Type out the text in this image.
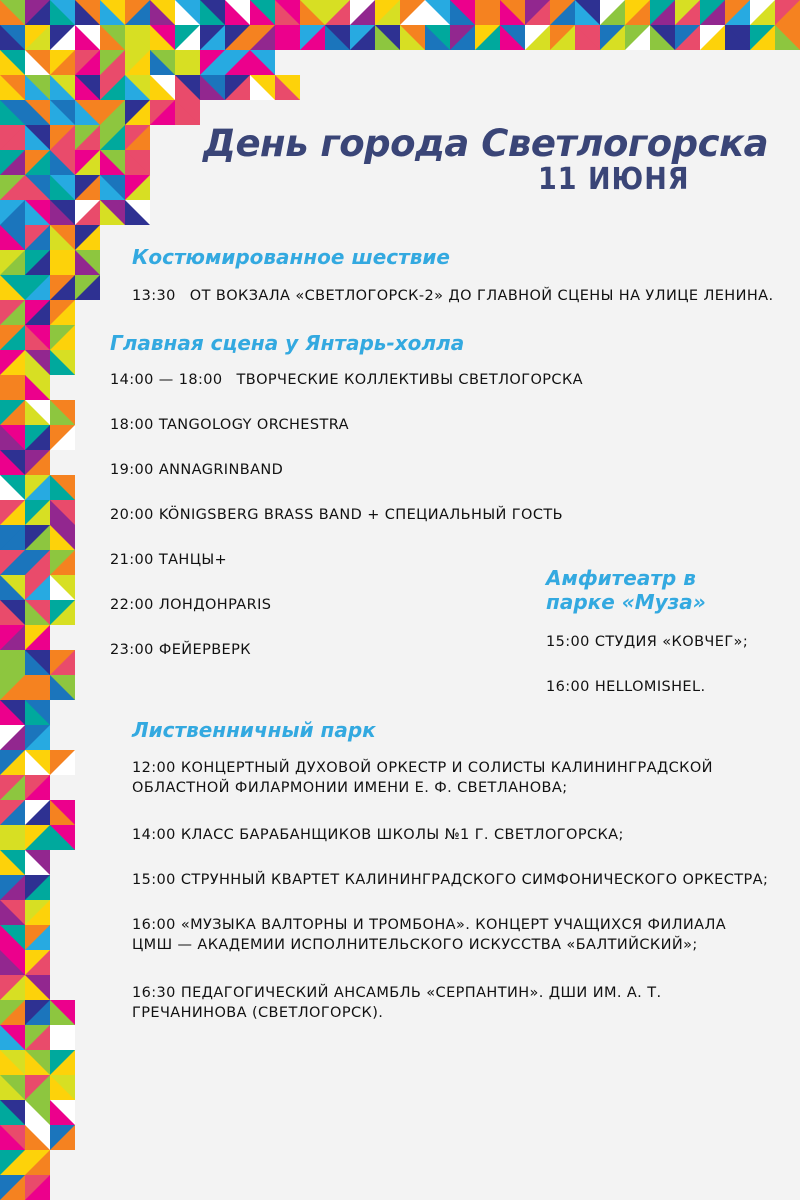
День города Светлогорска
11 ИЮНЯ
Костюмированное шествие

13:30 ОТ ВОКЗАЛА «СВЕТЛОГОРСК-2» ДО ГЛАВНОЙ СЦЕНЫ НА УЛИЦЕ ЛЕНИНА.

Главная сцена у Янтарь-холла

14:00 — 18:00 ТВОРЧЕСКИЕ КОЛЛЕКТИВЫ СВЕТЛОГОРСКА

18:00 TANGOLOGY ORCHESTRA

19:00 ANNAGRINBAND

20:00 KÖNIGSBERG BRASS BAND + СПЕЦИАЛЬНЫЙ ГОСТЬ

21:00 ТАНЦЫ+

22:00 ЛОНДОНPARIS

23:00 ФЕЙЕРВЕРК

Амфитеатр в парке «Муза»

15:00 СТУДИЯ «КОВЧЕГ»;

16:00 HELLOMISHEL.

Лиственничный парк

12:00 КОНЦЕРТНЫЙ ДУХОВОЙ ОРКЕСТР И СОЛИСТЫ КАЛИНИНГРАДСКОЙ ОБЛАСТНОЙ ФИЛАРМОНИИ ИМЕНИ Е. Ф. СВЕТЛАНОВА;

14:00 КЛАСС БАРАБАНЩИКОВ ШКОЛЫ №1 Г. СВЕТЛОГОРСКА;

15:00 СТРУННЫЙ КВАРТЕТ КАЛИНИНГРАДСКОГО СИМФОНИЧЕСКОГО ОРКЕСТРА;

16:00 «МУЗЫКА ВАЛТОРНЫ И ТРОМБОНА». КОНЦЕРТ УЧАЩИХСЯ ФИЛИАЛА ЦМШ — АКАДЕМИИ ИСПОЛНИТЕЛЬСКОГО ИСКУССТВА «БАЛТИЙСКИЙ»;

16:30 ПЕДАГОГИЧЕСКИЙ АНСАМБЛЬ «СЕРПАНТИН». ДШИ ИМ. А. Т. ГРЕЧАНИНОВА (СВЕТЛОГОРСК).
